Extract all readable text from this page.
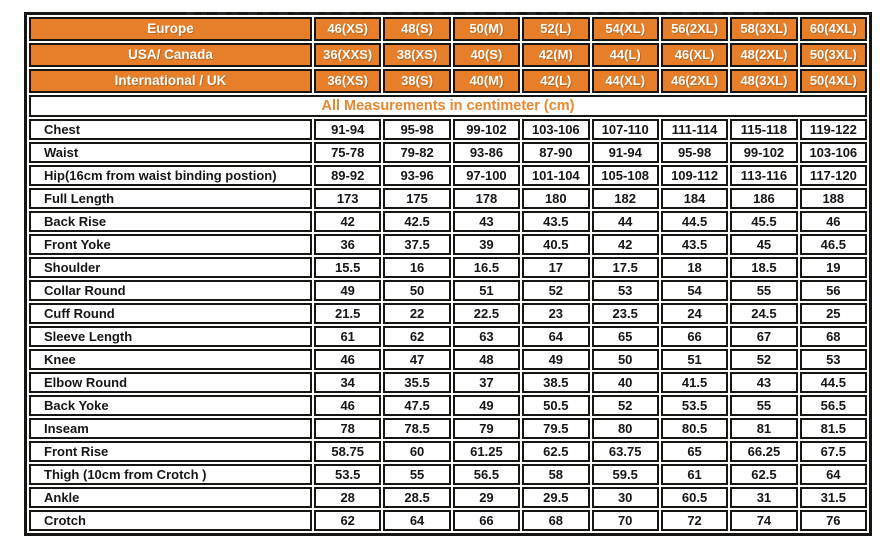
Europe	46(XS)	48(S)	50(M)	52(L)	54(XL)	56(2XL)	58(3XL)	60(4XL)
USA/ Canada	36(XXS)	38(XS)	40(S)	42(M)	44(L)	46(XL)	48(2XL)	50(3XL)
International / UK	36(XS)	38(S)	40(M)	42(L)	44(XL)	46(2XL)	48(3XL)	50(4XL)
All Measurements in centimeter (cm)								
Chest	91-94	95-98	99-102	103-106	107-110	111-114	115-118	119-122
Waist	75-78	79-82	93-86	87-90	91-94	95-98	99-102	103-106
Hip(16cm from waist binding postion)	89-92	93-96	97-100	101-104	105-108	109-112	113-116	117-120
Full Length	173	175	178	180	182	184	186	188
Back Rise	42	42.5	43	43.5	44	44.5	45.5	46
Front Yoke	36	37.5	39	40.5	42	43.5	45	46.5
Shoulder	15.5	16	16.5	17	17.5	18	18.5	19
Collar Round	49	50	51	52	53	54	55	56
Cuff Round	21.5	22	22.5	23	23.5	24	24.5	25
Sleeve Length	61	62	63	64	65	66	67	68
Knee	46	47	48	49	50	51	52	53
Elbow Round	34	35.5	37	38.5	40	41.5	43	44.5
Back Yoke	46	47.5	49	50.5	52	53.5	55	56.5
Inseam	78	78.5	79	79.5	80	80.5	81	81.5
Front Rise	58.75	60	61.25	62.5	63.75	65	66.25	67.5
Thigh (10cm from Crotch )	53.5	55	56.5	58	59.5	61	62.5	64
Ankle	28	28.5	29	29.5	30	60.5	31	31.5
Crotch	62	64	66	68	70	72	74	76
